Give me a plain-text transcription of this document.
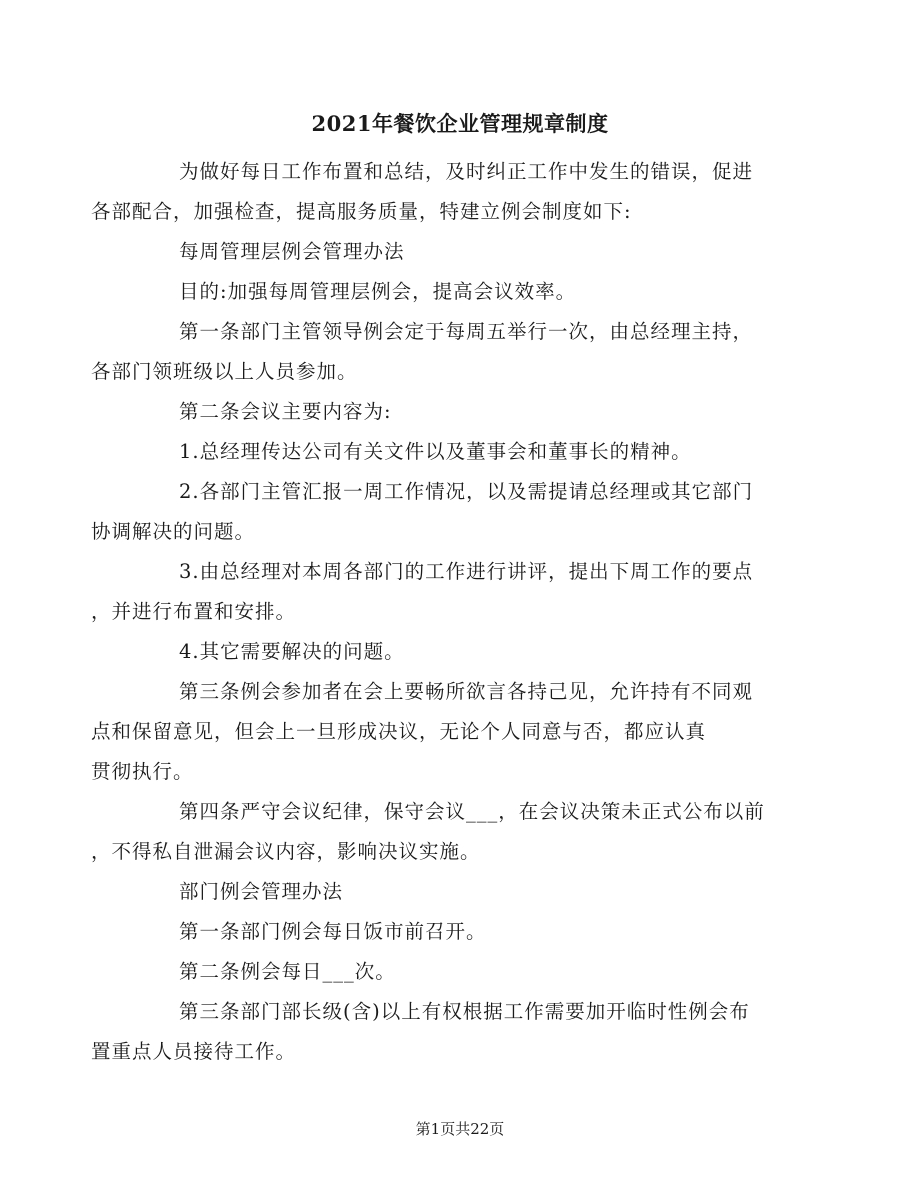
2021年餐饮企业管理规章制度

为做好每日工作布置和总结，及时纠正工作中发生的错误，促进
各部配合，加强检查，提高服务质量，特建立例会制度如下:

每周管理层例会管理办法

目的:加强每周管理层例会，提高会议效率。

第一条部门主管领导例会定于每周五举行一次，由总经理主持，
各部门领班级以上人员参加。

第二条会议主要内容为:

1.总经理传达公司有关文件以及董事会和董事长的精神。

2.各部门主管汇报一周工作情况，以及需提请总经理或其它部门
协调解决的问题。

3.由总经理对本周各部门的工作进行讲评，提出下周工作的要点
，并进行布置和安排。

4.其它需要解决的问题。

第三条例会参加者在会上要畅所欲言各持己见，允许持有不同观
点和保留意见，但会上一旦形成决议，无论个人同意与否，都应认真
贯彻执行。

第四条严守会议纪律，保守会议___，在会议决策未正式公布以前
，不得私自泄漏会议内容，影响决议实施。

部门例会管理办法

第一条部门例会每日饭市前召开。

第二条例会每日___次。

第三条部门部长级(含)以上有权根据工作需要加开临时性例会布
置重点人员接待工作。

第1页共22页
